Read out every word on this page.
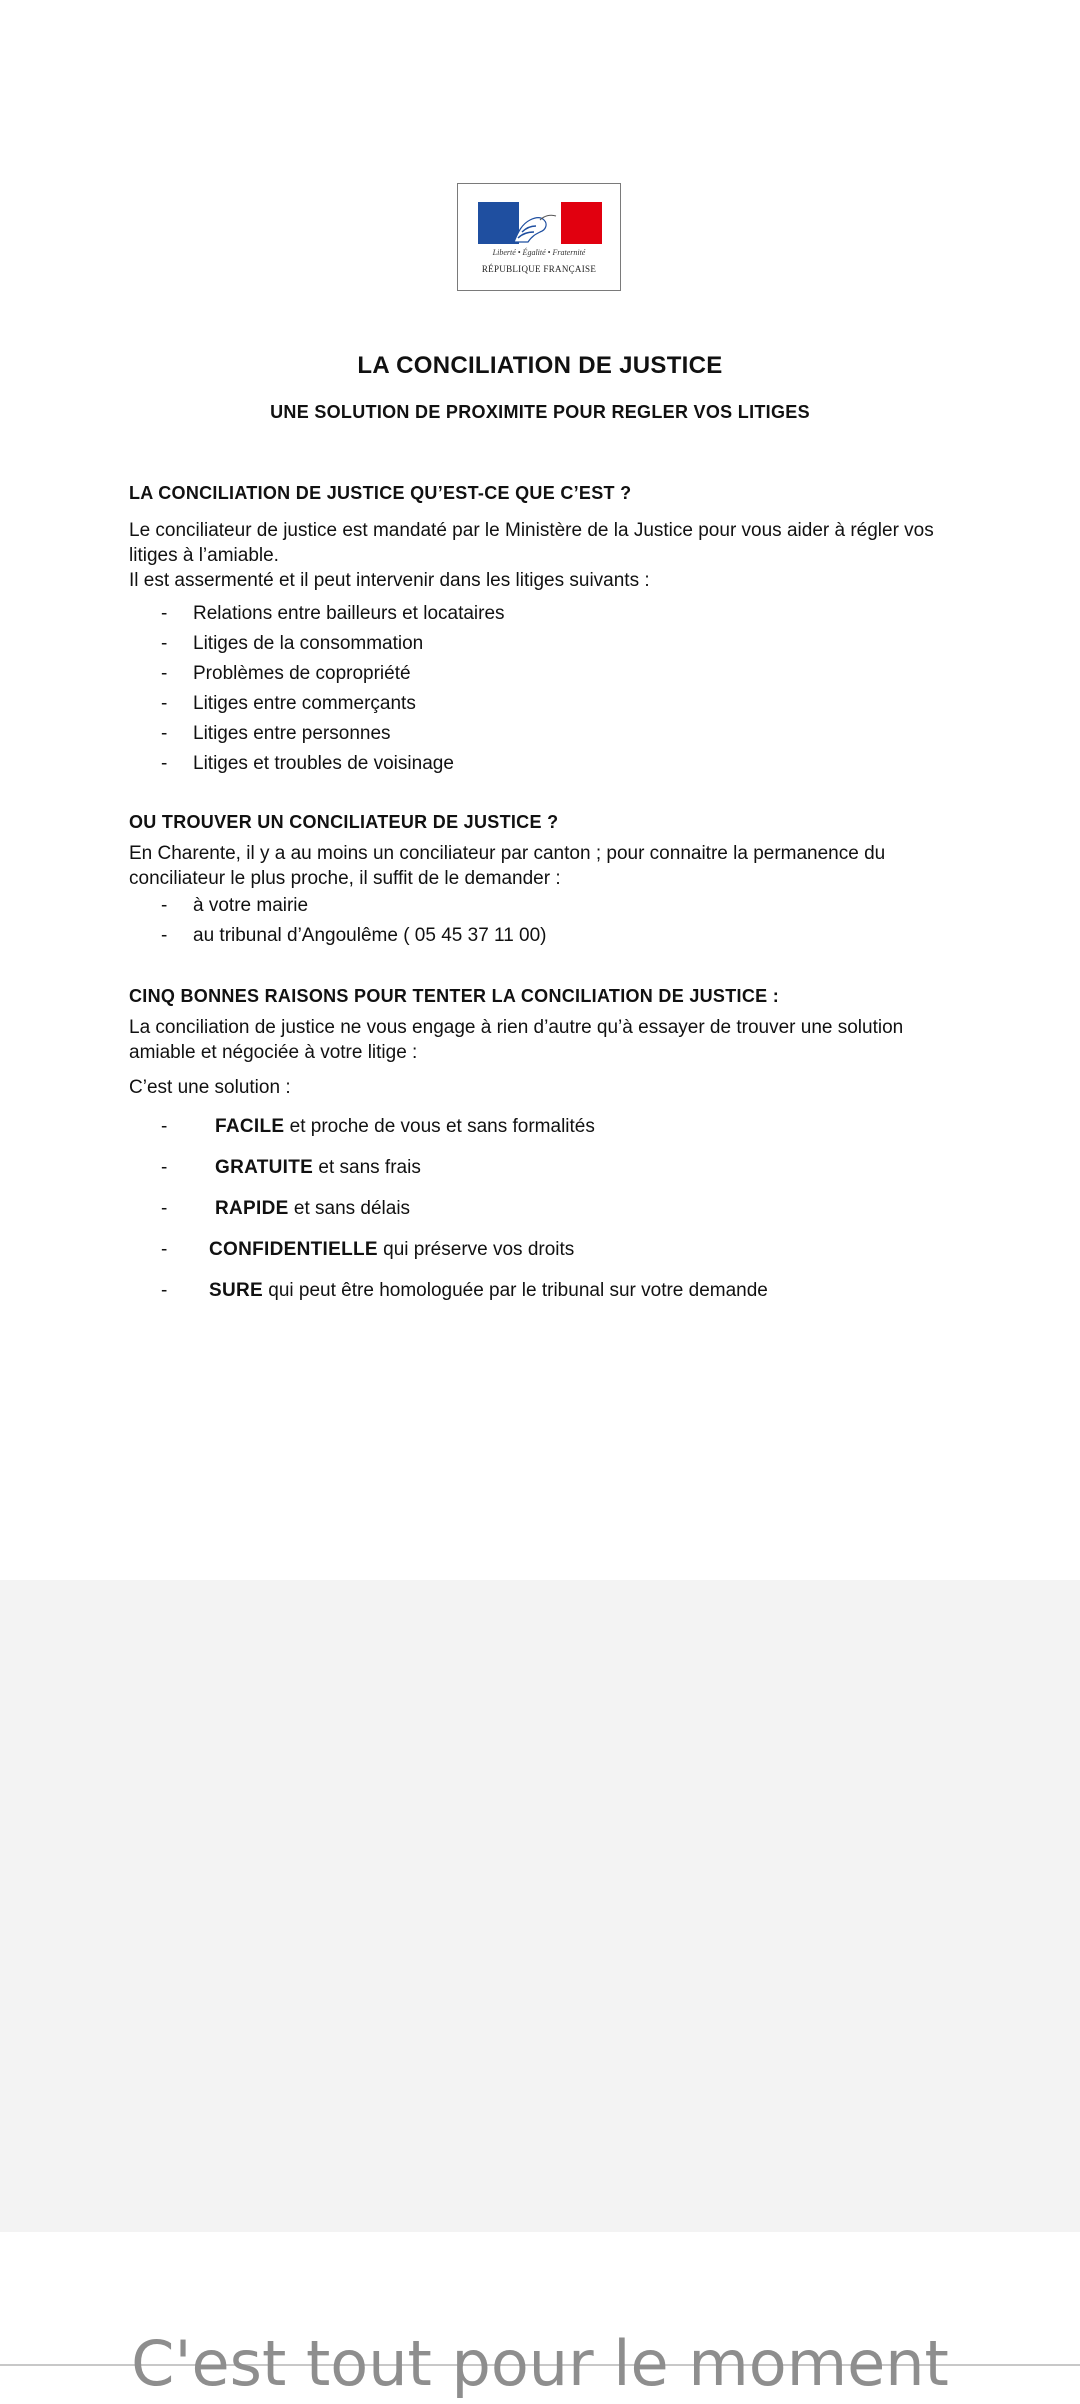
Liberté • Égalité • Fraternité
RÉPUBLIQUE FRANÇAISE
LA CONCILIATION DE JUSTICE
UNE SOLUTION DE PROXIMITE POUR REGLER VOS LITIGES
LA CONCILIATION DE JUSTICE QU’EST-CE QUE C’EST ?

Le conciliateur de justice est mandaté par le Ministère de la Justice pour vous aider à régler vos litiges à l’amiable.

Il est assermenté et il peut intervenir dans les litiges suivants :

- Relations entre bailleurs et locataires
- Litiges de la consommation
- Problèmes de copropriété
- Litiges entre commerçants
- Litiges entre personnes
- Litiges et troubles de voisinage
OU TROUVER UN CONCILIATEUR DE JUSTICE ?

En Charente, il y a au moins un conciliateur par canton ; pour connaitre la permanence du conciliateur le plus proche, il suffit de le demander :

- à votre mairie
- au tribunal d’Angoulême ( 05 45 37 11 00)
CINQ BONNES RAISONS POUR TENTER LA CONCILIATION DE JUSTICE :

La conciliation de justice ne vous engage à rien d’autre qu’à essayer de trouver une solution amiable et négociée à votre litige :

C’est une solution :

-	FACILE et proche de vous et sans formalités
-	GRATUITE et sans frais
-	RAPIDE et sans délais
- CONFIDENTIELLE qui préserve vos droits
- SURE qui peut être homologuée par le tribunal sur votre demande
C'est tout pour le moment
